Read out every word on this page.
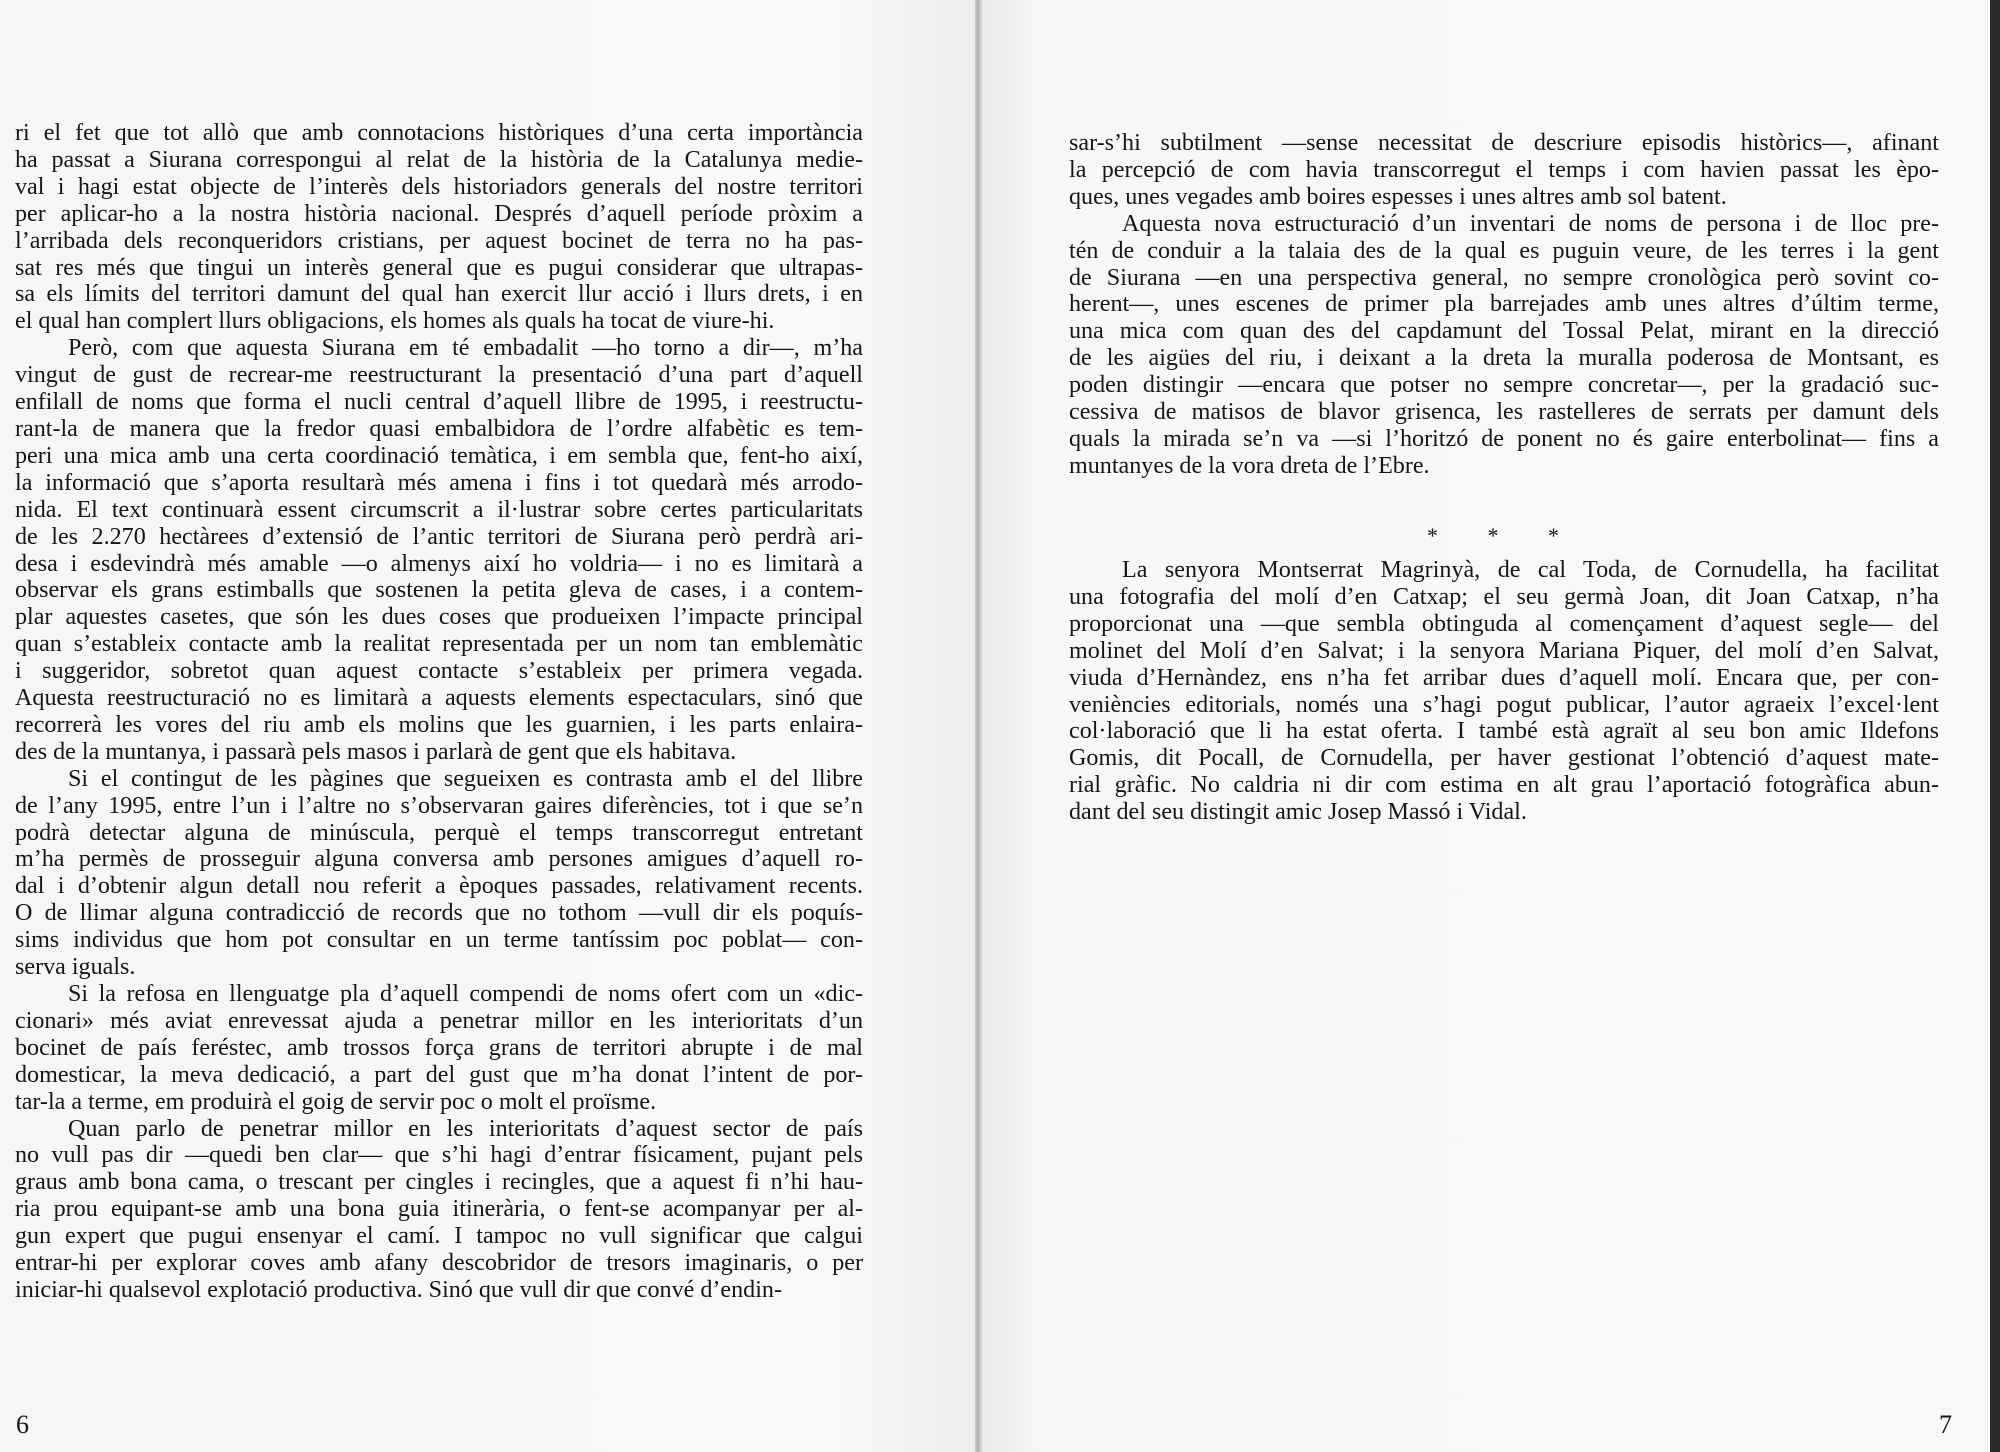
ri el fet que tot allò que amb connotacions històriques d’una certa importància
ha passat a Siurana correspongui al relat de la història de la Catalunya medie-
val i hagi estat objecte de l’interès dels historiadors generals del nostre territori
per aplicar-ho a la nostra història nacional. Després d’aquell període pròxim a
l’arribada dels reconqueridors cristians, per aquest bocinet de terra no ha pas-
sat res més que tingui un interès general que es pugui considerar que ultrapas-
sa els límits del territori damunt del qual han exercit llur acció i llurs drets, i en
el qual han complert llurs obligacions, els homes als quals ha tocat de viure-hi.

Però, com que aquesta Siurana em té embadalit —ho torno a dir—, m’ha
vingut de gust de recrear-me reestructurant la presentació d’una part d’aquell
enfilall de noms que forma el nucli central d’aquell llibre de 1995, i reestructu-
rant-la de manera que la fredor quasi embalbidora de l’ordre alfabètic es tem-
peri una mica amb una certa coordinació temàtica, i em sembla que, fent-ho així,
la informació que s’aporta resultarà més amena i fins i tot quedarà més arrodo-
nida. El text continuarà essent circumscrit a il·lustrar sobre certes particularitats
de les 2.270 hectàrees d’extensió de l’antic territori de Siurana però perdrà ari-
desa i esdevindrà més amable —o almenys així ho voldria— i no es limitarà a
observar els grans estimballs que sostenen la petita gleva de cases, i a contem-
plar aquestes casetes, que són les dues coses que produeixen l’impacte principal
quan s’estableix contacte amb la realitat representada per un nom tan emblemàtic
i suggeridor, sobretot quan aquest contacte s’estableix per primera vegada.
Aquesta reestructuració no es limitarà a aquests elements espectaculars, sinó que
recorrerà les vores del riu amb els molins que les guarnien, i les parts enlaira-
des de la muntanya, i passarà pels masos i parlarà de gent que els habitava.

Si el contingut de les pàgines que segueixen es contrasta amb el del llibre
de l’any 1995, entre l’un i l’altre no s’observaran gaires diferències, tot i que se’n
podrà detectar alguna de minúscula, perquè el temps transcorregut entretant
m’ha permès de prosseguir alguna conversa amb persones amigues d’aquell ro-
dal i d’obtenir algun detall nou referit a èpoques passades, relativament recents.
O de llimar alguna contradicció de records que no tothom —vull dir els poquís-
sims individus que hom pot consultar en un terme tantíssim poc poblat— con-
serva iguals.

Si la refosa en llenguatge pla d’aquell compendi de noms ofert com un «dic-
cionari» més aviat enrevessat ajuda a penetrar millor en les interioritats d’un
bocinet de país feréstec, amb trossos força grans de territori abrupte i de mal
domesticar, la meva dedicació, a part del gust que m’ha donat l’intent de por-
tar-la a terme, em produirà el goig de servir poc o molt el proïsme.

Quan parlo de penetrar millor en les interioritats d’aquest sector de país
no vull pas dir —quedi ben clar— que s’hi hagi d’entrar físicament, pujant pels
graus amb bona cama, o trescant per cingles i recingles, que a aquest fi n’hi hau-
ria prou equipant-se amb una bona guia itinerària, o fent-se acompanyar per al-
gun expert que pugui ensenyar el camí. I tampoc no vull significar que calgui
entrar-hi per explorar coves amb afany descobridor de tresors imaginaris, o per
iniciar-hi qualsevol explotació productiva. Sinó que vull dir que convé d’endin-

6

sar-s’hi subtilment —sense necessitat de descriure episodis històrics—, afinant
la percepció de com havia transcorregut el temps i com havien passat les èpo-
ques, unes vegades amb boires espesses i unes altres amb sol batent.

Aquesta nova estructuració d’un inventari de noms de persona i de lloc pre-
tén de conduir a la talaia des de la qual es puguin veure, de les terres i la gent
de Siurana —en una perspectiva general, no sempre cronològica però sovint co-
herent—, unes escenes de primer pla barrejades amb unes altres d’últim terme,
una mica com quan des del capdamunt del Tossal Pelat, mirant en la direcció
de les aigües del riu, i deixant a la dreta la muralla poderosa de Montsant, es
poden distingir —encara que potser no sempre concretar—, per la gradació suc-
cessiva de matisos de blavor grisenca, les rastelleres de serrats per damunt dels
quals la mirada se’n va —si l’horitzó de ponent no és gaire enterbolinat— fins a
muntanyes de la vora dreta de l’Ebre.

* * *

La senyora Montserrat Magrinyà, de cal Toda, de Cornudella, ha facilitat
una fotografia del molí d’en Catxap; el seu germà Joan, dit Joan Catxap, n’ha
proporcionat una —que sembla obtinguda al començament d’aquest segle— del
molinet del Molí d’en Salvat; i la senyora Mariana Piquer, del molí d’en Salvat,
viuda d’Hernàndez, ens n’ha fet arribar dues d’aquell molí. Encara que, per con-
veniències editorials, només una s’hagi pogut publicar, l’autor agraeix l’excel·lent
col·laboració que li ha estat oferta. I també està agraït al seu bon amic Ildefons
Gomis, dit Pocall, de Cornudella, per haver gestionat l’obtenció d’aquest mate-
rial gràfic. No caldria ni dir com estima en alt grau l’aportació fotogràfica abun-
dant del seu distingit amic Josep Massó i Vidal.

7
